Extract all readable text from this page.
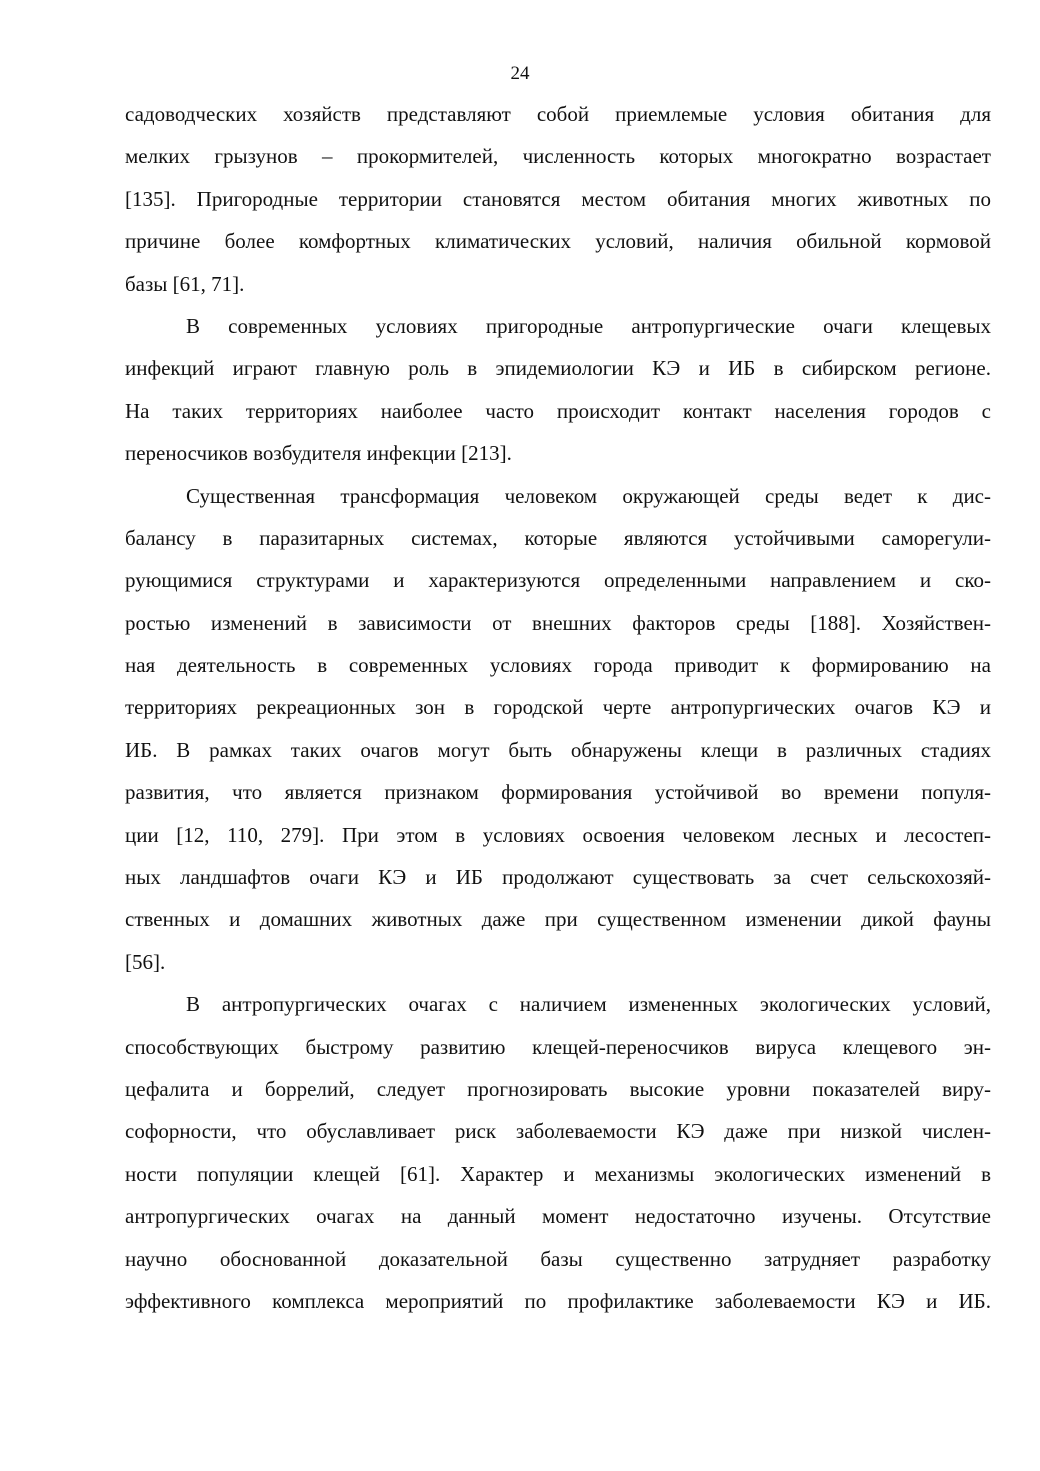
24
садоводческих хозяйств представляют собой приемлемые условия обитания для
мелких грызунов – прокормителей, численность которых многократно возрастает
[135]. Пригородные территории становятся местом обитания многих животных по
причине более комфортных климатических условий, наличия обильной кормовой
базы [61, 71].
В современных условиях пригородные антропургические очаги клещевых
инфекций играют главную роль в эпидемиологии КЭ и ИБ в сибирском регионе.
На таких территориях наиболее часто происходит контакт населения городов с
переносчиков возбудителя инфекции [213].
Существенная трансформация человеком окружающей среды ведет к дис-
балансу в паразитарных системах, которые являются устойчивыми саморегули-
рующимися структурами и характеризуются определенными направлением и ско-
ростью изменений в зависимости от внешних факторов среды [188]. Хозяйствен-
ная деятельность в современных условиях города приводит к формированию на
территориях рекреационных зон в городской черте антропургических очагов КЭ и
ИБ. В рамках таких очагов могут быть обнаружены клещи в различных стадиях
развития, что является признаком формирования устойчивой во времени популя-
ции [12, 110, 279]. При этом в условиях освоения человеком лесных и лесостеп-
ных ландшафтов очаги КЭ и ИБ продолжают существовать за счет сельскохозяй-
ственных и домашних животных даже при существенном изменении дикой фауны
[56].
В антропургических очагах с наличием измененных экологических условий,
способствующих быстрому развитию клещей-переносчиков вируса клещевого эн-
цефалита и боррелий, следует прогнозировать высокие уровни показателей виру-
софорности, что обуславливает риск заболеваемости КЭ даже при низкой числен-
ности популяции клещей [61]. Характер и механизмы экологических изменений в
антропургических очагах на данный момент недостаточно изучены. Отсутствие
научно обоснованной доказательной базы существенно затрудняет разработку
эффективного комплекса мероприятий по профилактике заболеваемости КЭ и ИБ.
